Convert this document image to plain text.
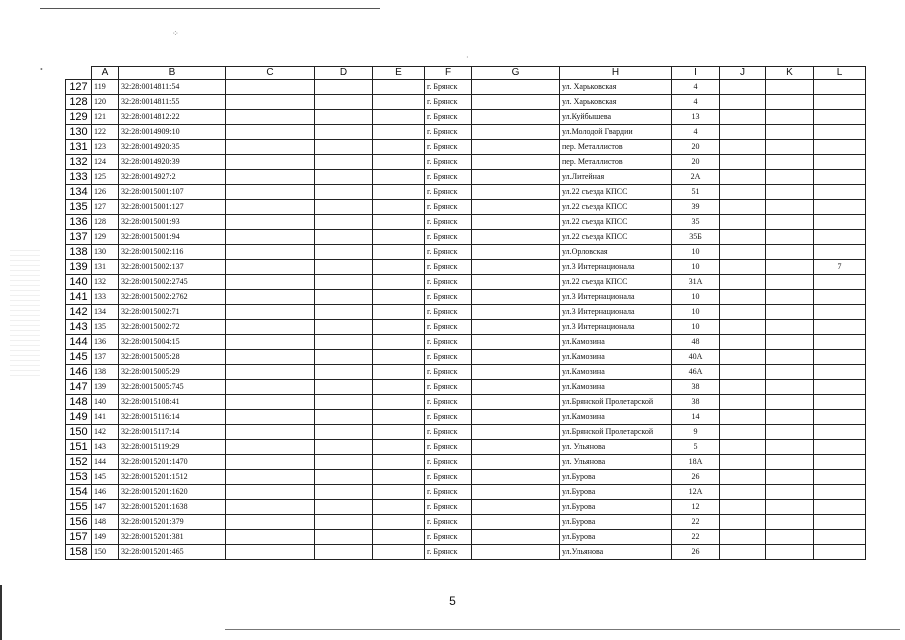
⁘
•
·
	A	B	C	D	E	F	G	H	I	J	K	L
127	119	32:28:0014811:54				г. Брянск		ул. Харьковская	4			
128	120	32:28:0014811:55				г. Брянск		ул. Харьковская	4			
129	121	32:28:0014812:22				г. Брянск		ул.Куйбышева	13			
130	122	32:28:0014909:10				г. Брянск		ул.Молодой Гвардии	4			
131	123	32:28:0014920:35				г. Брянск		пер. Металлистов	20			
132	124	32:28:0014920:39				г. Брянск		пер. Металлистов	20			
133	125	32:28:0014927:2				г. Брянск		ул.Литейная	2А			
134	126	32:28:0015001:107				г. Брянск		ул.22 съезда КПСС	51			
135	127	32:28:0015001:127				г. Брянск		ул.22 съезда КПСС	39			
136	128	32:28:0015001:93				г. Брянск		ул.22 съезда КПСС	35			
137	129	32:28:0015001:94				г. Брянск		ул.22 съезда КПСС	35Б			
138	130	32:28:0015002:116				г. Брянск		ул.Орловская	10			
139	131	32:28:0015002:137				г. Брянск		ул.3 Интернационала	10			7
140	132	32:28:0015002:2745				г. Брянск		ул.22 съезда КПСС	31А			
141	133	32:28:0015002:2762				г. Брянск		ул.3 Интернационала	10			
142	134	32:28:0015002:71				г. Брянск		ул.3 Интернационала	10			
143	135	32:28:0015002:72				г. Брянск		ул.3 Интернационала	10			
144	136	32:28:0015004:15				г. Брянск		ул.Камозина	48			
145	137	32:28:0015005:28				г. Брянск		ул.Камозина	40А			
146	138	32:28:0015005:29				г. Брянск		ул.Камозина	46А			
147	139	32:28:0015005:745				г. Брянск		ул.Камозина	38			
148	140	32:28:0015108:41				г. Брянск		ул.Брянской Пролетарской	38			
149	141	32:28:0015116:14				г. Брянск		ул.Камозина	14			
150	142	32:28:0015117:14				г. Брянск		ул.Брянской Пролетарской	9			
151	143	32:28:0015119:29				г. Брянск		ул. Ульянова	5			
152	144	32:28:0015201:1470				г. Брянск		ул. Ульянова	18А			
153	145	32:28:0015201:1512				г. Брянск		ул.Бурова	26			
154	146	32:28:0015201:1620				г. Брянск		ул.Бурова	12А			
155	147	32:28:0015201:1638				г. Брянск		ул.Бурова	12			
156	148	32:28:0015201:379				г. Брянск		ул.Бурова	22			
157	149	32:28:0015201:381				г. Брянск		ул.Бурова	22			
158	150	32:28:0015201:465				г. Брянск		ул.Ульянова	26			
5
